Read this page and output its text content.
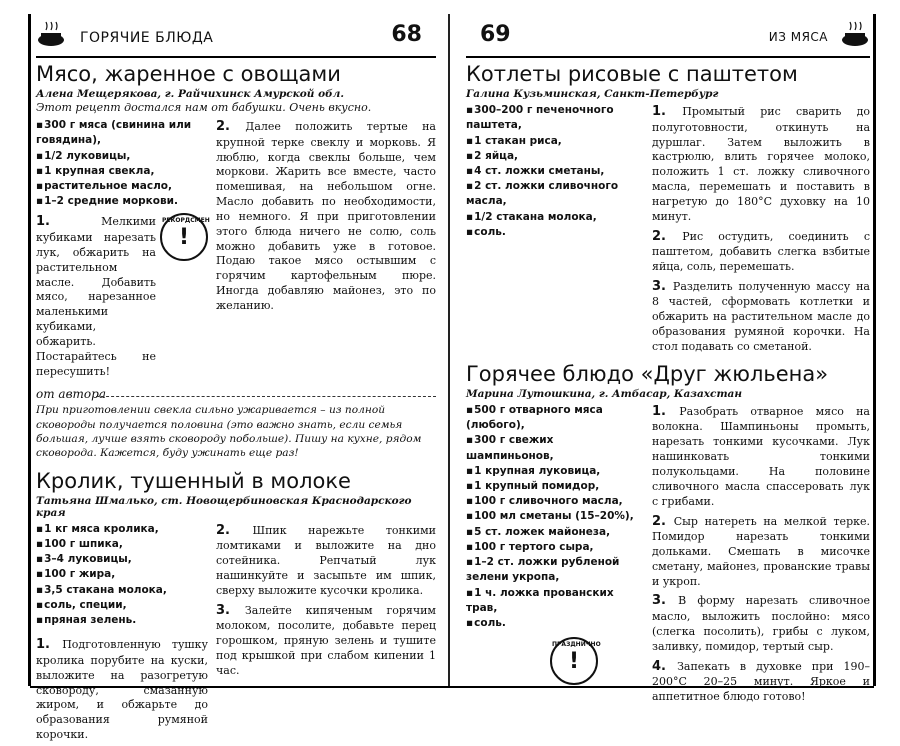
ГОРЯЧИЕ БЛЮДА	68
Мясо, жаренное с овощами
Алена Мещерякова, г. Райчихинск Амурской обл.
Этот рецепт достался нам от бабушки. Очень вкусно.
▪ 300 г мяса (свинина или говядина),
▪ 1/2 луковицы,
▪ 1 крупная свекла,
▪ растительное масло,
▪ 1–2 средние моркови.

1. Мелкими кубиками нарезать лук, обжарить на растительном масле. Добавить мясо, нарезанное маленькими кубиками, обжарить. Постарайтесь не пересушить!

РЕКОРДСМЕН
!

2. Далее положить тертые на крупной терке свеклу и морковь. Я люблю, когда свеклы больше, чем моркови. Жарить все вместе, часто помешивая, на небольшом огне. Масло добавить по необходимости, но немного. Я при приготовлении этого блюда ничего не солю, соль можно добавить уже в готовое. Подаю такое мясо остывшим с горячим картофельным пюре. Иногда добавляю майонез, это по желанию.

от автора
При приготовлении свекла сильно ужаривается – из полной сковороды получается половина (это важно знать, если семья большая, лучше взять сковороду побольше). Пишу на кухне, рядом сковорода. Кажется, буду ужинать еще раз!
Кролик, тушенный в молоке
Татьяна Шмалько, ст. Новощербиновская Краснодарского края
▪ 1 кг мяса кролика,
▪ 100 г шпика,
▪ 3–4 луковицы,
▪ 100 г жира,
▪ 3,5 стакана молока,
▪ соль, специи,
▪ пряная зелень.

1. Подготовленную тушку кролика порубите на куски, выложите на разогретую сковороду, смазанную жиром, и обжарьте до образования румяной корочки.

2. Шпик нарежьте тонкими ломтиками и выложите на дно сотейника. Репчатый лук нашинкуйте и засыпьте им шпик, сверху выложите кусочки кролика.

3. Залейте кипяченым горячим молоком, посолите, добавьте перец горошком, пряную зелень и тушите под крышкой при слабом кипении 1 час.

69	ИЗ МЯСА
Котлеты рисовые с паштетом
Галина Кузьминская, Санкт-Петербург
▪ 300–200 г печеночного паштета,
▪ 1 стакан риса,
▪ 2 яйца,
▪ 4 ст. ложки сметаны,
▪ 2 ст. ложки сливочного масла,
▪ 1/2 стакана молока,
▪ соль.

1. Промытый рис сварить до полуготовности, откинуть на дуршлаг. Затем выложить в кастрюлю, влить горячее молоко, положить 1 ст. ложку сливочного масла, перемешать и поставить в нагретую до 180°С духовку на 10 минут.

2. Рис остудить, соединить с паштетом, добавить слегка взбитые яйца, соль, перемешать.

3. Разделить полученную массу на 8 частей, сформовать котлетки и обжарить на растительном масле до образования румяной корочки. На стол подавать со сметаной.

Горячее блюдо «Друг жюльена»
Марина Лутошкина, г. Атбасар, Казахстан
▪ 500 г отварного мяса (любого),
▪ 300 г свежих шампиньонов,
▪ 1 крупная луковица,
▪ 1 крупный помидор,
▪ 100 г сливочного масла,
▪ 100 мл сметаны (15–20%),
▪ 5 ст. ложек майонеза,
▪ 100 г тертого сыра,
▪ 1–2 ст. ложки рубленой зелени укропа,
▪ 1 ч. ложка прованских трав,
▪ соль.
ПРАЗДНИЧНО
!

1. Разобрать отварное мясо на волокна. Шампиньоны промыть, нарезать тонкими кусочками. Лук нашинковать тонкими полукольцами. На половине сливочного масла спассеровать лук с грибами.

2. Сыр натереть на мелкой терке. Помидор нарезать тонкими дольками. Смешать в мисочке сметану, майонез, прованские травы и укроп.

3. В форму нарезать сливочное масло, выложить послойно: мясо (слегка посолить), грибы с луком, заливку, помидор, тертый сыр.

4. Запекать в духовке при 190–200°С 20–25 минут. Яркое и аппетитное блюдо готово!
